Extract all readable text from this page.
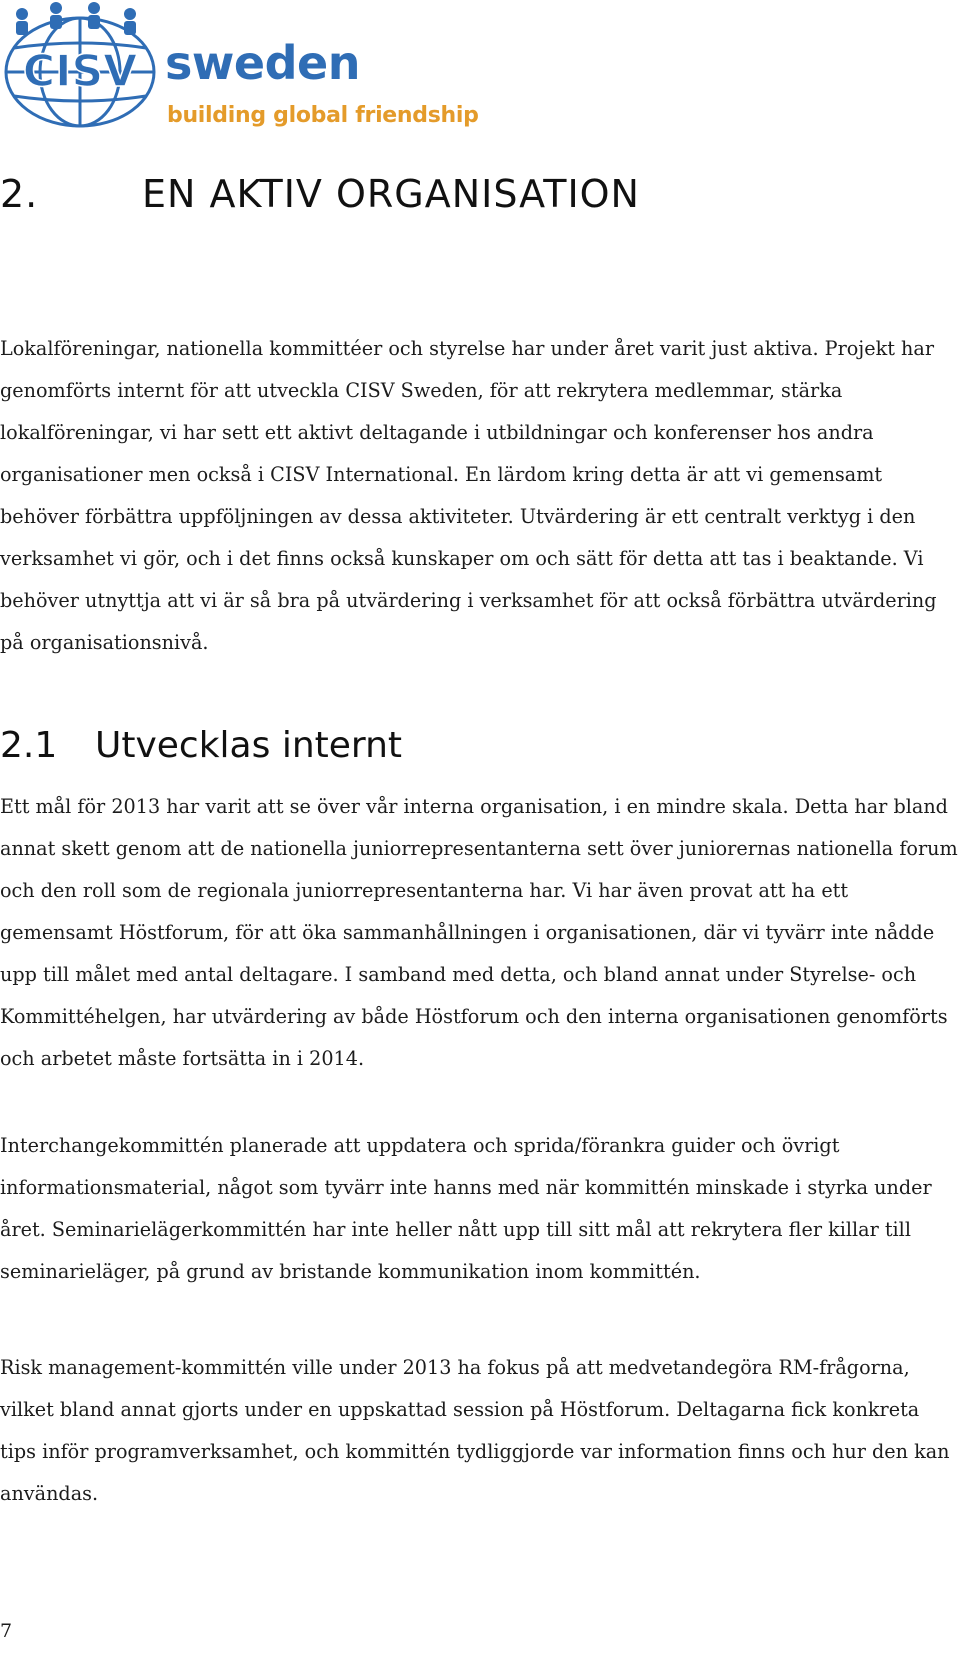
CISV sweden
building global friendship
2.	EN AKTIV ORGANISATION

Lokalföreningar, nationella kommittéer och styrelse har under året varit just aktiva. Projekt har genomförts internt för att utveckla CISV Sweden, för att rekrytera medlemmar, stärka lokalföreningar, vi har sett ett aktivt deltagande i utbildningar och konferenser hos andra organisationer men också i CISV International. En lärdom kring detta är att vi gemensamt behöver förbättra uppföljningen av dessa aktiviteter. Utvärdering är ett centralt verktyg i den verksamhet vi gör, och i det finns också kunskaper om och sätt för detta att tas i beaktande. Vi behöver utnyttja att vi är så bra på utvärdering i verksamhet för att också förbättra utvärdering på organisationsnivå.

2.1 Utvecklas internt

Ett mål för 2013 har varit att se över vår interna organisation, i en mindre skala. Detta har bland annat skett genom att de nationella juniorrepresentanterna sett över juniorernas nationella forum och den roll som de regionala juniorrepresentanterna har. Vi har även provat att ha ett gemensamt Höstforum, för att öka sammanhållningen i organisationen, där vi tyvärr inte nådde upp till målet med antal deltagare. I samband med detta, och bland annat under Styrelse- och Kommittéhelgen, har utvärdering av både Höstforum och den interna organisationen genomförts och arbetet måste fortsätta in i 2014.

Interchangekommittén planerade att uppdatera och sprida/förankra guider och övrigt informationsmaterial, något som tyvärr inte hanns med när kommittén minskade i styrka under året. Seminarielägerkommittén har inte heller nått upp till sitt mål att rekrytera fler killar till seminarieläger, på grund av bristande kommunikation inom kommittén.

Risk management-kommittén ville under 2013 ha fokus på att medvetandegöra RM-frågorna, vilket bland annat gjorts under en uppskattad session på Höstforum. Deltagarna fick konkreta tips inför programverksamhet, och kommittén tydliggjorde var information finns och hur den kan användas.

7
